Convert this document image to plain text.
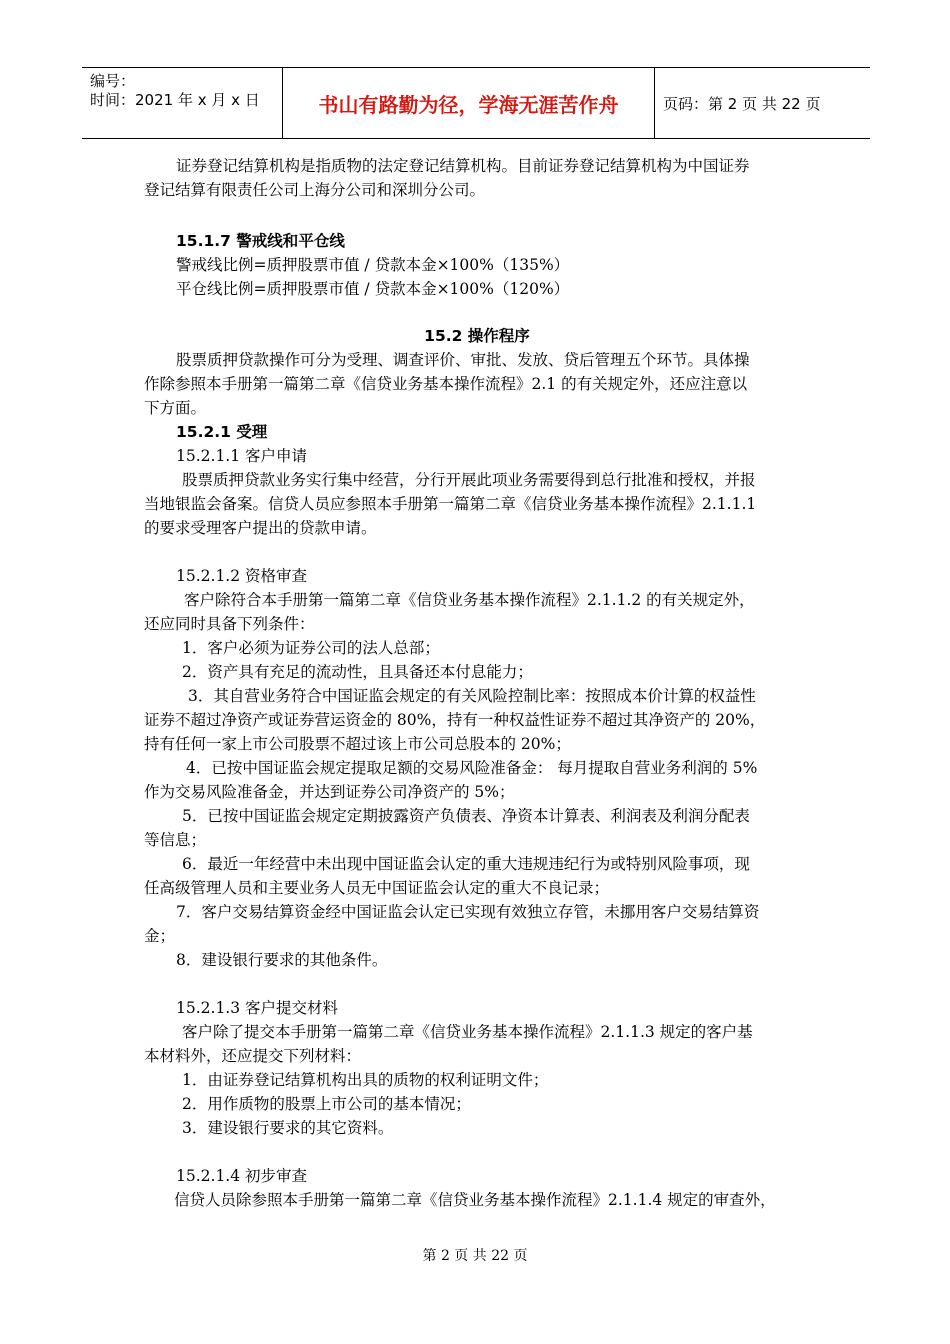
编号：
时间：2021 年 x 月 x 日	书山有路勤为径，学海无涯苦作舟	页码：第 2 页 共 22 页
证券登记结算机构是指质物的法定登记结算机构。目前证券登记结算机构为中国证券
登记结算有限责任公司上海分公司和深圳分公司。
15.1.7 警戒线和平仓线
警戒线比例=质押股票市值 / 贷款本金×100%（135%）
平仓线比例=质押股票市值 / 贷款本金×100%（120%）
15.2 操作程序
股票质押贷款操作可分为受理、调查评价、审批、发放、贷后管理五个环节。具体操
作除参照本手册第一篇第二章《信贷业务基本操作流程》2.1 的有关规定外，还应注意以
下方面。
15.2.1 受理
15.2.1.1 客户申请
股票质押贷款业务实行集中经营，分行开展此项业务需要得到总行批准和授权，并报
当地银监会备案。信贷人员应参照本手册第一篇第二章《信贷业务基本操作流程》2.1.1.1
的要求受理客户提出的贷款申请。
15.2.1.2 资格审查
客户除符合本手册第一篇第二章《信贷业务基本操作流程》2.1.1.2 的有关规定外，
还应同时具备下列条件：
1．客户必须为证券公司的法人总部；
2．资产具有充足的流动性，且具备还本付息能力；
3．其自营业务符合中国证监会规定的有关风险控制比率：按照成本价计算的权益性
证券不超过净资产或证券营运资金的 80%，持有一种权益性证券不超过其净资产的 20%，
持有任何一家上市公司股票不超过该上市公司总股本的 20%；
4．已按中国证监会规定提取足额的交易风险准备金： 每月提取自营业务利润的 5%
作为交易风险准备金，并达到证券公司净资产的 5%；
5．已按中国证监会规定定期披露资产负债表、净资本计算表、利润表及利润分配表
等信息；
6．最近一年经营中未出现中国证监会认定的重大违规违纪行为或特别风险事项，现
任高级管理人员和主要业务人员无中国证监会认定的重大不良记录；
7．客户交易结算资金经中国证监会认定已实现有效独立存管，未挪用客户交易结算资
金；
8．建设银行要求的其他条件。
15.2.1.3 客户提交材料
客户除了提交本手册第一篇第二章《信贷业务基本操作流程》2.1.1.3 规定的客户基
本材料外，还应提交下列材料：
1．由证券登记结算机构出具的质物的权利证明文件；
2．用作质物的股票上市公司的基本情况；
3．建设银行要求的其它资料。
15.2.1.4 初步审查
信贷人员除参照本手册第一篇第二章《信贷业务基本操作流程》2.1.1.4 规定的审查外，
第 2 页 共 22 页
